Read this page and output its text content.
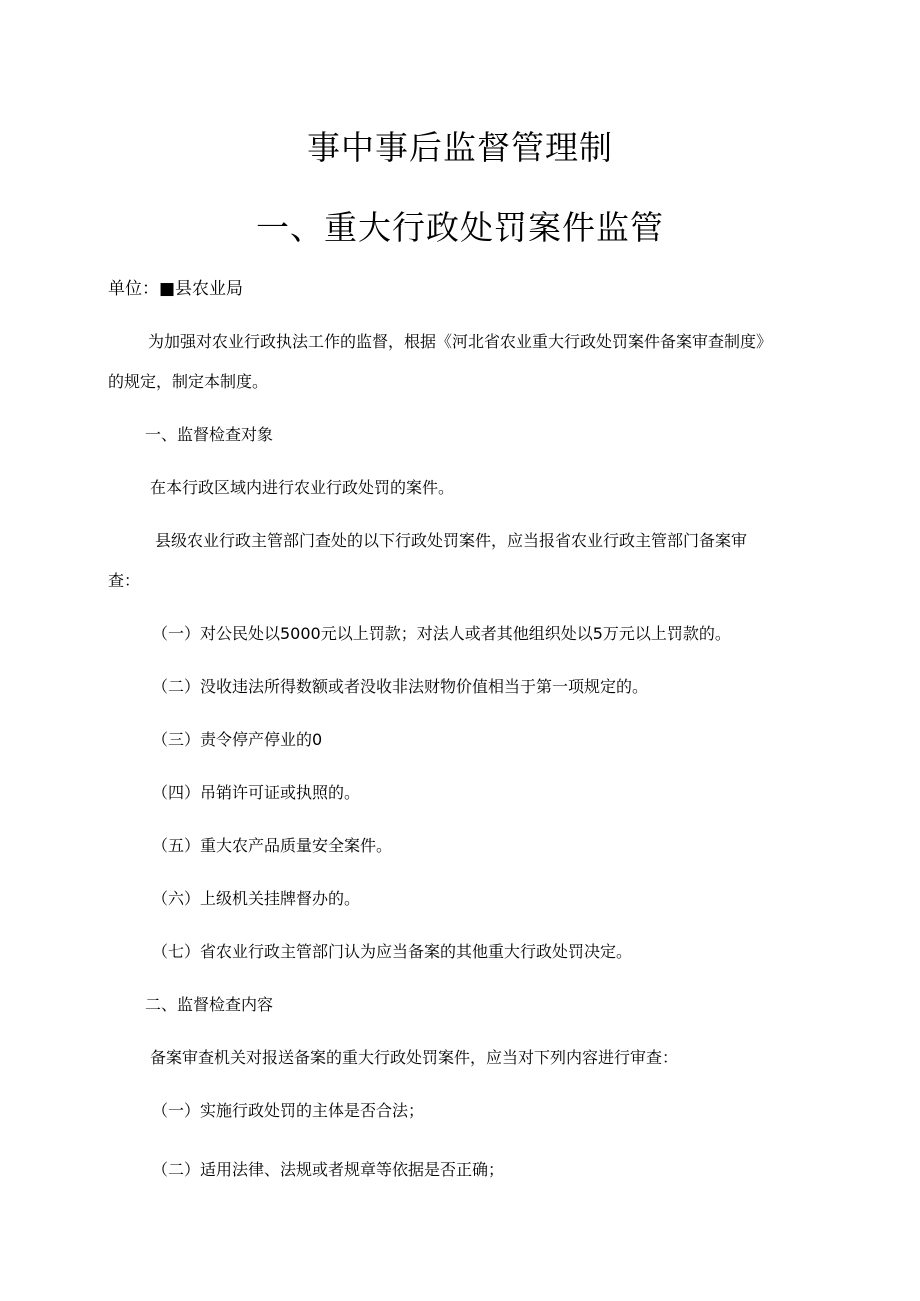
事中事后监督管理制
一、重大行政处罚案件监管

单位：■县农业局

为加强对农业行政执法工作的监督，根据《河北省农业重大行政处罚案件备案审查制度》

的规定，制定本制度。

一、监督检查对象

在本行政区域内进行农业行政处罚的案件。

县级农业行政主管部门查处的以下行政处罚案件，应当报省农业行政主管部门备案审

查：

（一）对公民处以5000元以上罚款；对法人或者其他组织处以5万元以上罚款的。

（二）没收违法所得数额或者没收非法财物价值相当于第一项规定的。

（三）责令停产停业的0

（四）吊销许可证或执照的。

（五）重大农产品质量安全案件。

（六）上级机关挂牌督办的。

（七）省农业行政主管部门认为应当备案的其他重大行政处罚决定。

二、监督检查内容

备案审查机关对报送备案的重大行政处罚案件，应当对下列内容进行审查：

（一）实施行政处罚的主体是否合法；

（二）适用法律、法规或者规章等依据是否正确；
